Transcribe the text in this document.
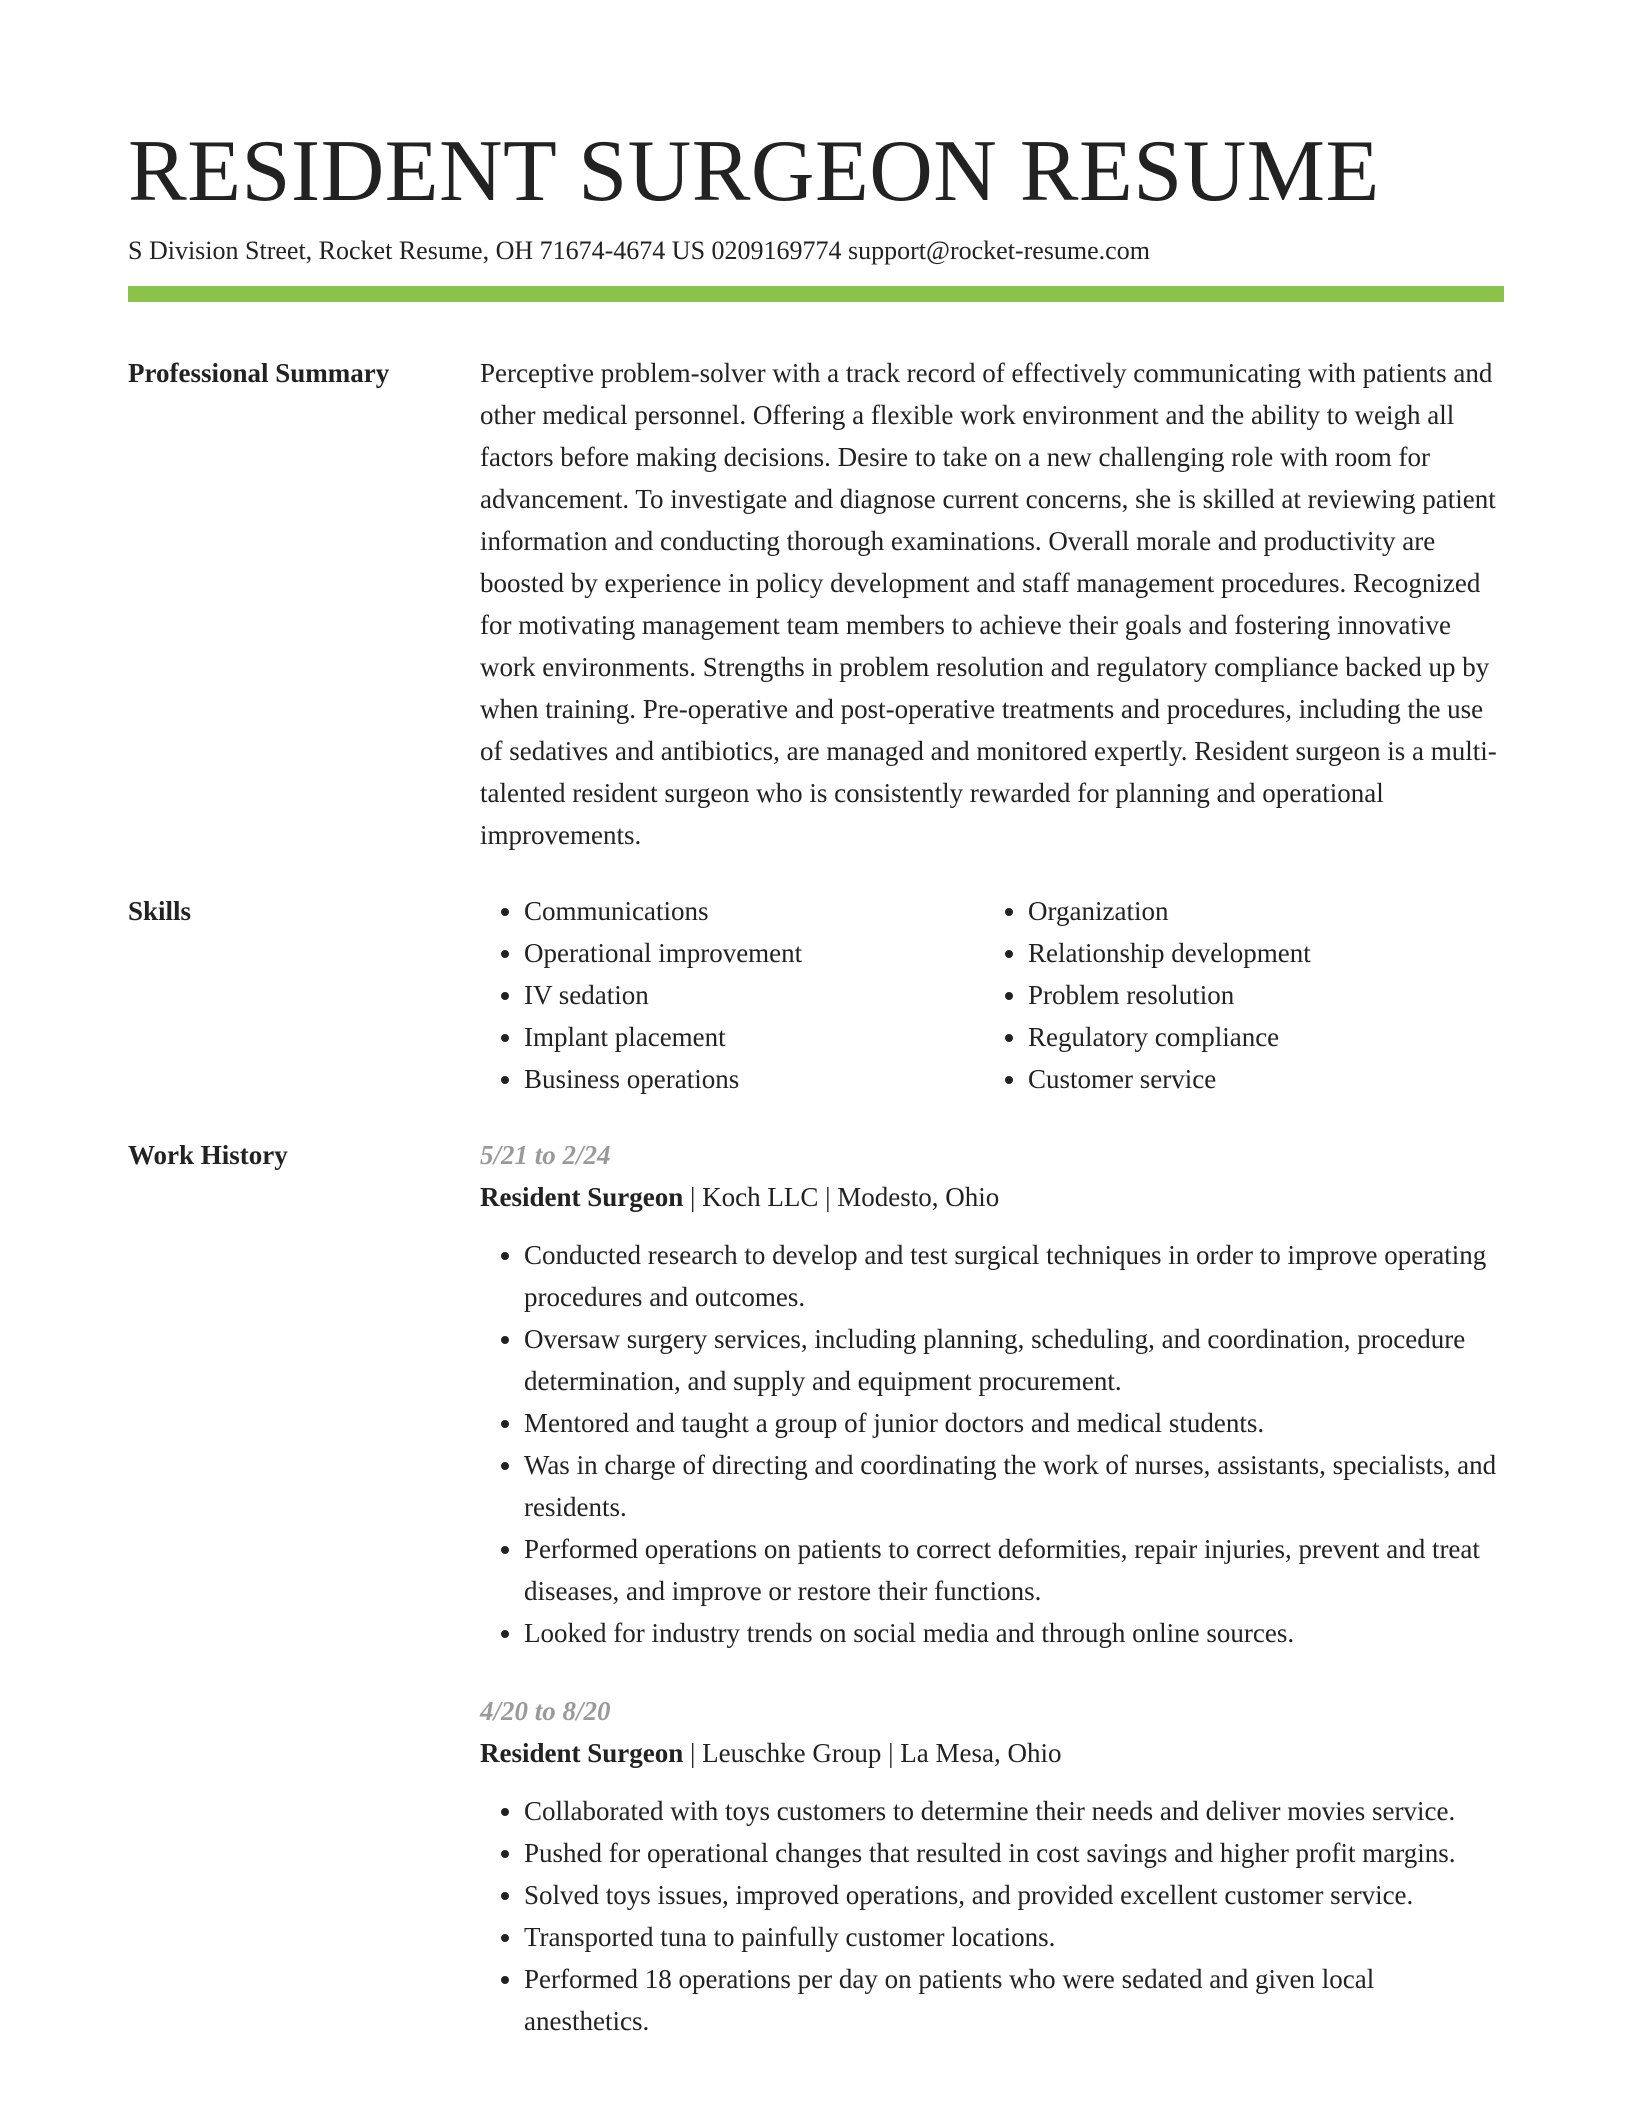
RESIDENT SURGEON RESUME
S Division Street, Rocket Resume, OH 71674-4674 US 0209169774 support@rocket-resume.com
Professional Summary	Perceptive problem-solver with a track record of effectively communicating with patients and other medical personnel. Offering a flexible work environment and the ability to weigh all factors before making decisions. Desire to take on a new challenging role with room for advancement. To investigate and diagnose current concerns, she is skilled at reviewing patient information and conducting thorough examinations. Overall morale and productivity are boosted by experience in policy development and staff management procedures. Recognized for motivating management team members to achieve their goals and fostering innovative work environments. Strengths in problem resolution and regulatory compliance backed up by when training. Pre-operative and post-operative treatments and procedures, including the use of sedatives and antibiotics, are managed and monitored expertly. Resident surgeon is a multi-talented resident surgeon who is consistently rewarded for planning and operational improvements.

Skills
•	Communications
• Operational improvement
• IV sedation
• Implant placement
• Business operations
• Organization
• Relationship development
• Problem resolution
• Regulatory compliance
• Customer service
Work History	5/21 to 2/24
Resident Surgeon | Koch LLC | Modesto, Ohio
• Conducted research to develop and test surgical techniques in order to improve operating procedures and outcomes.
• Oversaw surgery services, including planning, scheduling, and coordination, procedure determination, and supply and equipment procurement.
• Mentored and taught a group of junior doctors and medical students.
• Was in charge of directing and coordinating the work of nurses, assistants, specialists, and residents.
• Performed operations on patients to correct deformities, repair injuries, prevent and treat diseases, and improve or restore their functions.
• Looked for industry trends on social media and through online sources.
4/20 to 8/20
Resident Surgeon | Leuschke Group | La Mesa, Ohio
• Collaborated with toys customers to determine their needs and deliver movies service.
• Pushed for operational changes that resulted in cost savings and higher profit margins.
• Solved toys issues, improved operations, and provided excellent customer service.
• Transported tuna to painfully customer locations.
• Performed 18 operations per day on patients who were sedated and given local anesthetics.
